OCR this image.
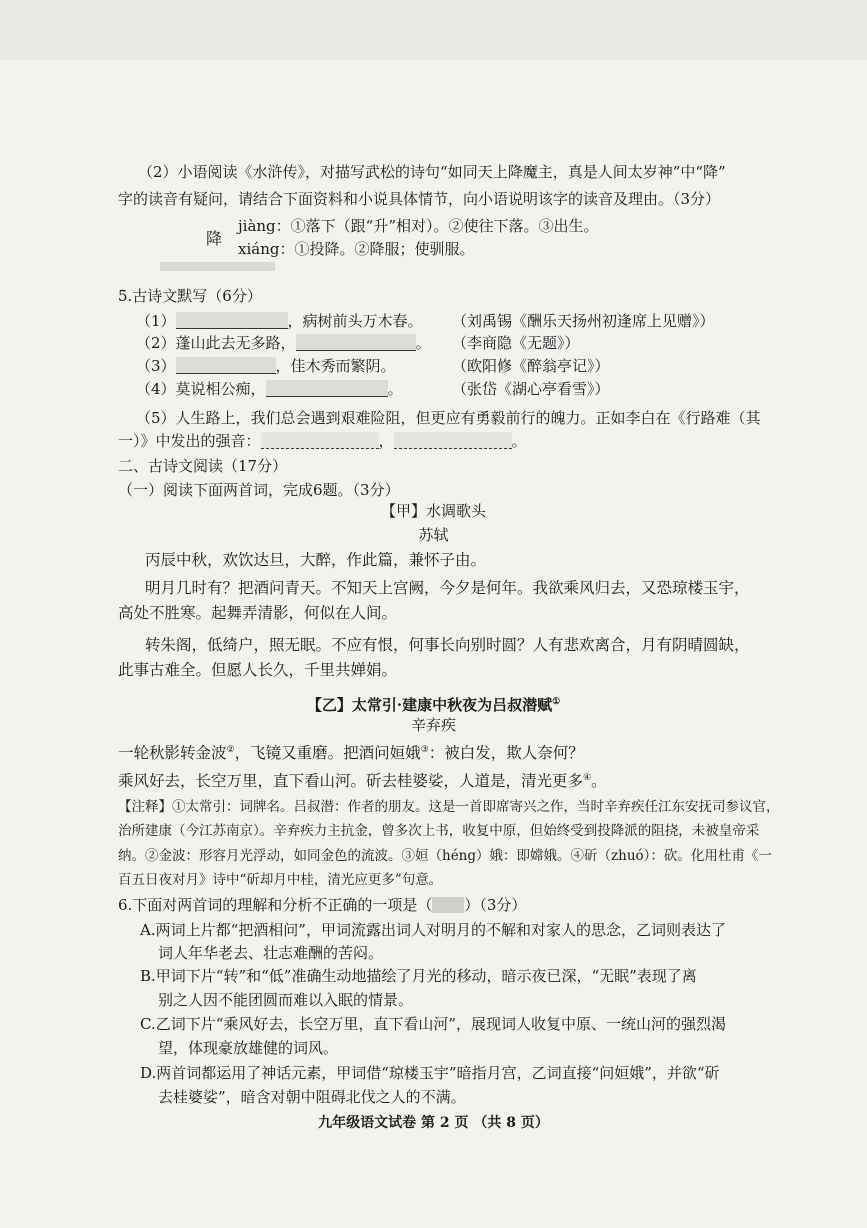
（2）小语阅读《水浒传》，对描写武松的诗句“如同天上降魔主，真是人间太岁神”中“降”
字的读音有疑问，请结合下面资料和小说具体情节，向小语说明该字的读音及理由。（3分）
降
jiàng：①落下（跟“升”相对）。②使往下落。③出生。
xiáng：①投降。②降服；使驯服。
5.古诗文默写（6分）
（1）	，病树前头万木春。 （刘禹锡《酬乐天扬州初逢席上见赠》）
（2）蓬山此去无多路，	。 （李商隐《无题》）
（3）	，佳木秀而繁阴。	（欧阳修《醉翁亭记》）
（4）莫说相公痴，	。	（张岱《湖心亭看雪》）
（5）人生路上，我们总会遇到艰难险阻，但更应有勇毅前行的魄力。正如李白在《行路难（其
一）》中发出的强音：	，	。
二、古诗文阅读（17分）
（一）阅读下面两首词，完成6题。（3分）
【甲】水调歌头
苏轼
丙辰中秋，欢饮达旦，大醉，作此篇，兼怀子由。
明月几时有？把酒问青天。不知天上宫阙，今夕是何年。我欲乘风归去，又恐琼楼玉宇，
高处不胜寒。起舞弄清影，何似在人间。
转朱阁，低绮户，照无眠。不应有恨，何事长向别时圆？人有悲欢离合，月有阴晴圆缺，
此事古难全。但愿人长久，千里共婵娟。
【乙】太常引·建康中秋夜为吕叔潜赋①
辛弃疾
一轮秋影转金波②，飞镜又重磨。把酒问姮娥③：被白发，欺人奈何？
乘风好去，长空万里，直下看山河。斫去桂婆娑，人道是，清光更多④。
【注释】①太常引：词牌名。吕叔潜：作者的朋友。这是一首即席寄兴之作，当时辛弃疾任江东安抚司参议官，
治所建康（今江苏南京）。辛弃疾力主抗金，曾多次上书，收复中原，但始终受到投降派的阻挠，未被皇帝采
纳。②金波：形容月光浮动，如同金色的流波。③姮（héng）娥：即嫦娥。④斫（zhuó）：砍。化用杜甫《一
百五日夜对月》诗中“斫却月中桂，清光应更多”句意。
6.下面对两首词的理解和分析不正确的一项是（ ）（3分）
A.两词上片都“把酒相问”，甲词流露出词人对明月的不解和对家人的思念，乙词则表达了
词人年华老去、壮志难酬的苦闷。
B.甲词下片“转”和“低”准确生动地描绘了月光的移动，暗示夜已深，“无眠”表现了离
别之人因不能团圆而难以入眠的情景。
C.乙词下片“乘风好去，长空万里，直下看山河”，展现词人收复中原、一统山河的强烈渴
望，体现豪放雄健的词风。
D.两首词都运用了神话元素，甲词借“琼楼玉宇”暗指月宫，乙词直接“问姮娥”，并欲“斫
去桂婆娑”，暗含对朝中阻碍北伐之人的不满。
九年级语文试卷 第 2 页 （共 8 页）
